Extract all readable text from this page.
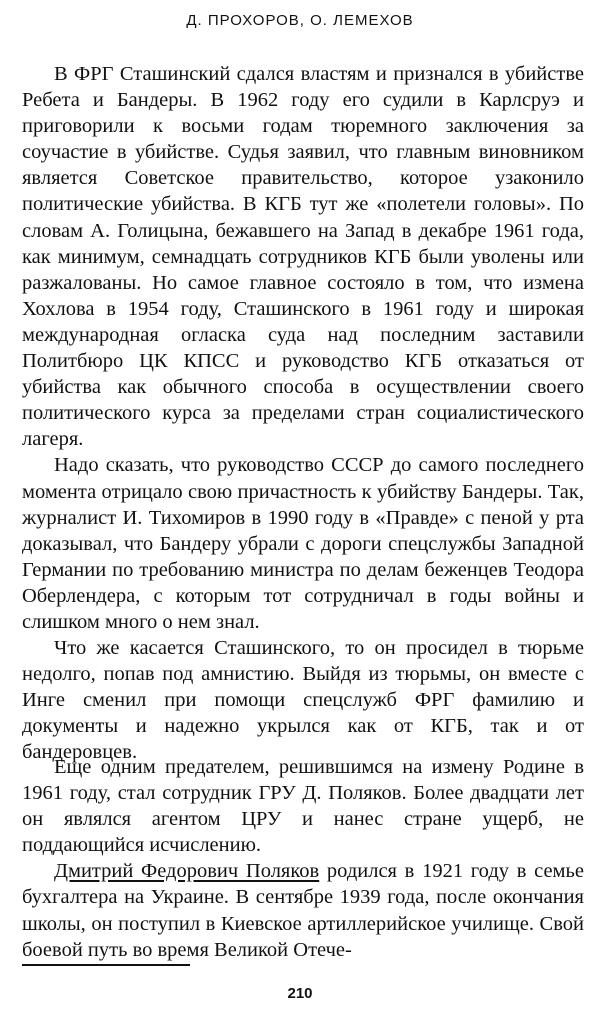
Д. ПРОХОРОВ, О. ЛЕМЕХОВ

В ФРГ Сташинский сдался властям и признался в убийстве Ребета и Бандеры. В 1962 году его судили в Карлсруэ и приговорили к восьми годам тюремного заключения за соучастие в убийстве. Судья заявил, что главным виновником является Советское правительство, которое узаконило политические убийства. В КГБ тут же «полетели головы». По словам А. Голицына, бежавшего на Запад в декабре 1961 года, как минимум, семнадцать сотрудников КГБ были уволены или разжалованы. Но самое главное состояло в том, что измена Хохлова в 1954 году, Сташинского в 1961 году и широкая международная огласка суда над последним заставили Политбюро ЦК КПСС и руководство КГБ отказаться от убийства как обычного способа в осуществлении своего политического курса за пределами стран социалистического лагеря.

Надо сказать, что руководство СССР до самого последнего момента отрицало свою причастность к убийству Бандеры. Так, журналист И. Тихомиров в 1990 году в «Правде» с пеной у рта доказывал, что Бандеру убрали с дороги спецслужбы Западной Германии по требованию министра по делам беженцев Теодора Оберлендера, с которым тот сотрудничал в годы войны и слишком много о нем знал.

Что же касается Сташинского, то он просидел в тюрьме недолго, попав под амнистию. Выйдя из тюрьмы, он вместе с Инге сменил при помощи спецслужб ФРГ фамилию и документы и надежно укрылся как от КГБ, так и от бандеровцев.

Еще одним предателем, решившимся на измену Родине в 1961 году, стал сотрудник ГРУ Д. Поляков. Более двадцати лет он являлся агентом ЦРУ и нанес стране ущерб, не поддающийся исчислению.

Дмитрий Федорович Поляков родился в 1921 году в семье бухгалтера на Украине. В сентябре 1939 года, после окончания школы, он поступил в Киевское артиллерийское училище. Свой боевой путь во время Великой Отече-

210
